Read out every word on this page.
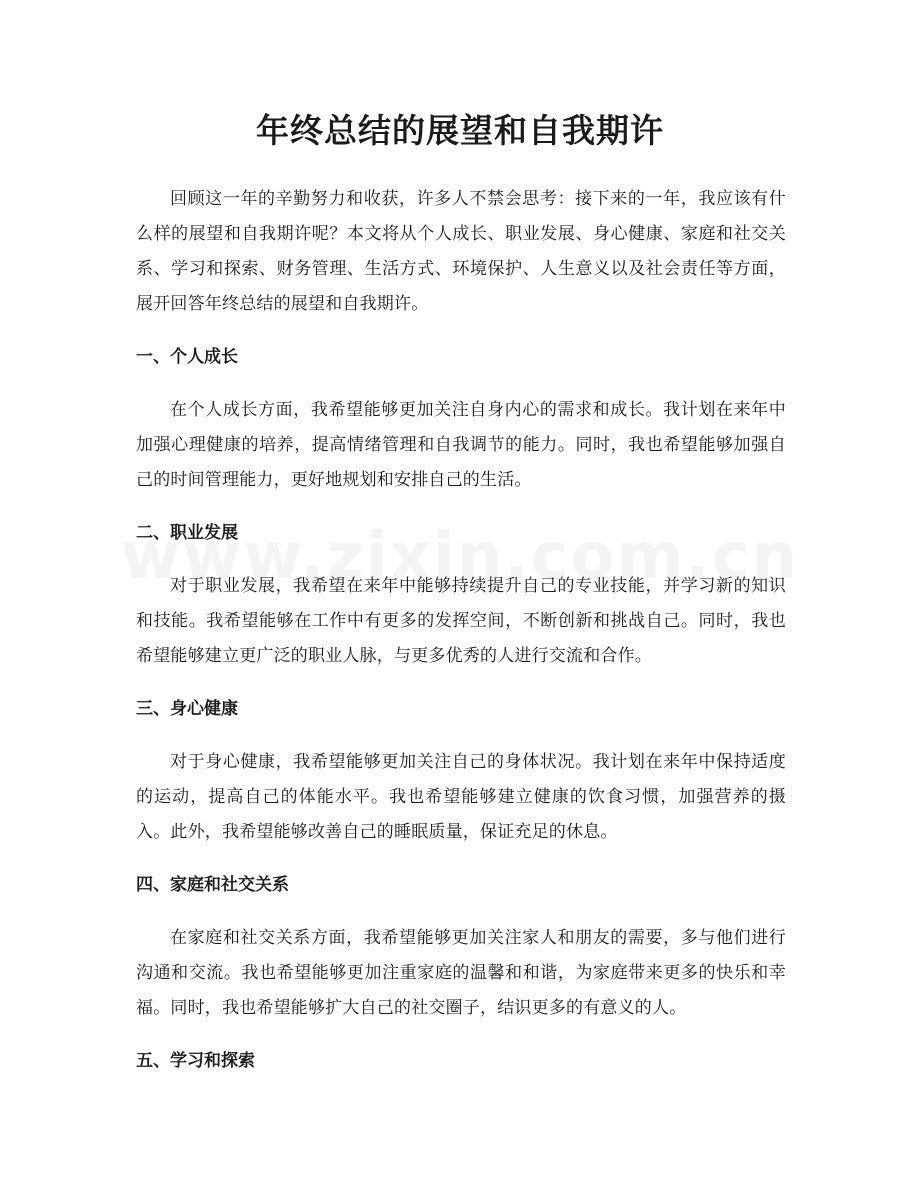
年终总结的展望和自我期许

回顾这一年的辛勤努力和收获，许多人不禁会思考：接下来的一年，我应该有什么样的展望和自我期许呢？本文将从个人成长、职业发展、身心健康、家庭和社交关系、学习和探索、财务管理、生活方式、环境保护、人生意义以及社会责任等方面，展开回答年终总结的展望和自我期许。

一、个人成长

在个人成长方面，我希望能够更加关注自身内心的需求和成长。我计划在来年中加强心理健康的培养，提高情绪管理和自我调节的能力。同时，我也希望能够加强自己的时间管理能力，更好地规划和安排自己的生活。

二、职业发展

对于职业发展，我希望在来年中能够持续提升自己的专业技能，并学习新的知识和技能。我希望能够在工作中有更多的发挥空间，不断创新和挑战自己。同时，我也希望能够建立更广泛的职业人脉，与更多优秀的人进行交流和合作。

三、身心健康

对于身心健康，我希望能够更加关注自己的身体状况。我计划在来年中保持适度的运动，提高自己的体能水平。我也希望能够建立健康的饮食习惯，加强营养的摄入。此外，我希望能够改善自己的睡眠质量，保证充足的休息。

四、家庭和社交关系

在家庭和社交关系方面，我希望能够更加关注家人和朋友的需要，多与他们进行沟通和交流。我也希望能够更加注重家庭的温馨和和谐，为家庭带来更多的快乐和幸福。同时，我也希望能够扩大自己的社交圈子，结识更多的有意义的人。

五、学习和探索
